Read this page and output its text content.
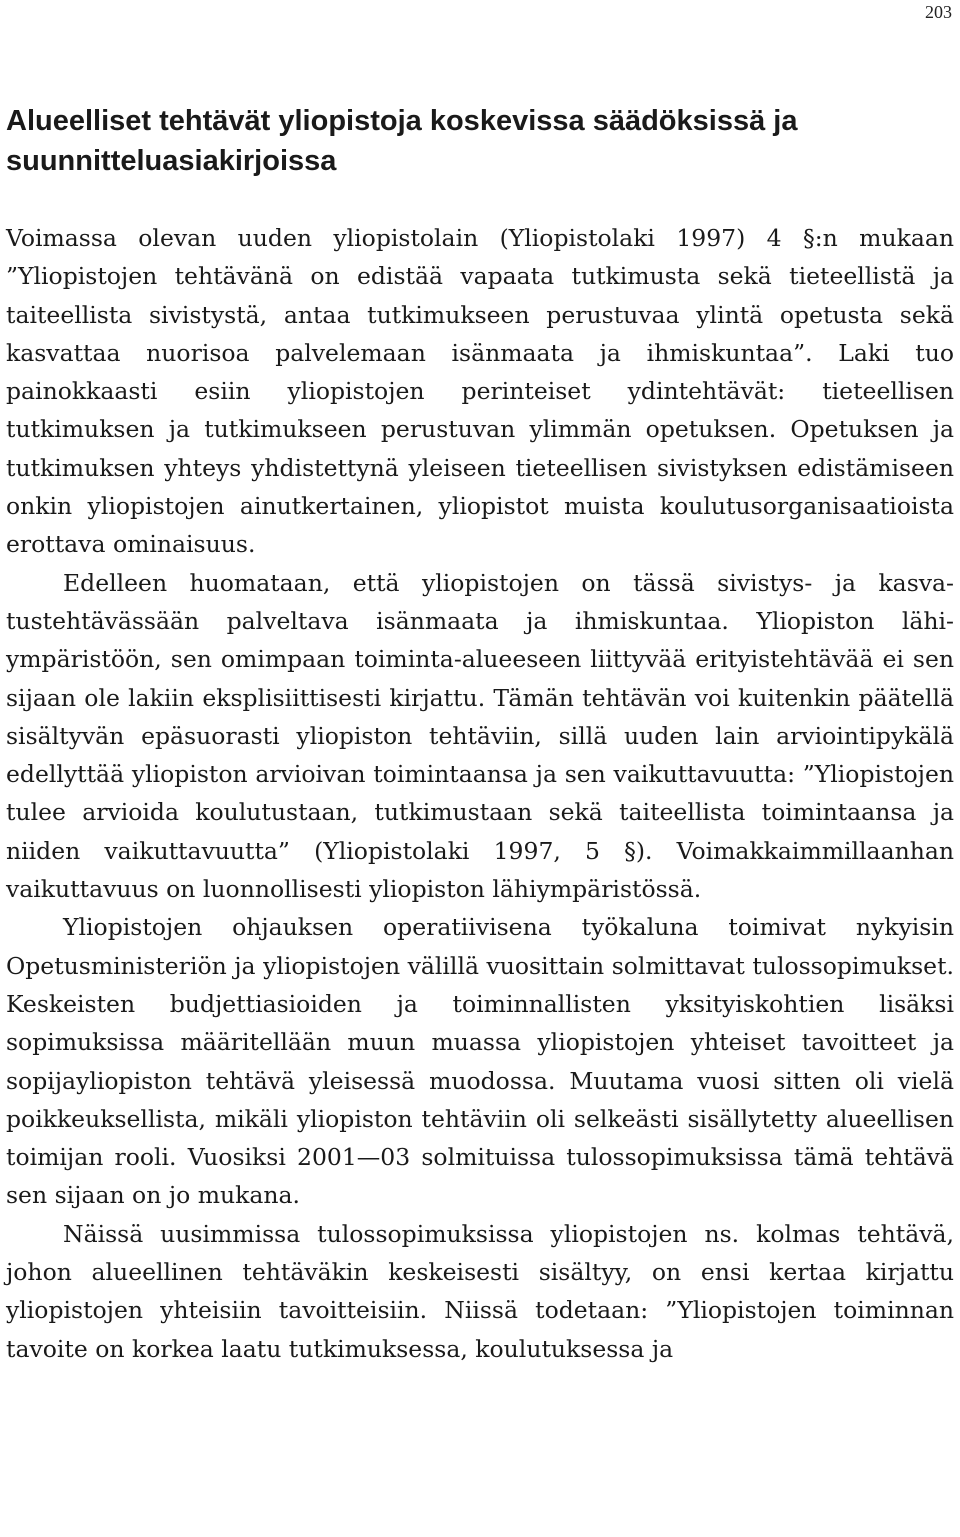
203
Alueelliset tehtävät yliopistoja koskevissa säädöksissä ja suunnitteluasiakirjoissa

Voimassa olevan uuden yliopistolain (Yliopistolaki 1997) 4 §:n mukaan ”Yliopistojen tehtävänä on edistää vapaata tutkimusta sekä tieteellistä ja taiteellista sivistystä, antaa tutkimukseen perustuvaa ylintä opetusta sekä kasvattaa nuorisoa palvelemaan isänmaata ja ihmiskuntaa”. Laki tuo painokkaasti esiin yliopistojen perinteiset ydintehtävät: tieteellisen tutkimuksen ja tutkimukseen perustuvan ylimmän opetuksen. Opetuksen ja tutkimuksen yhteys yhdistettynä yleiseen tieteellisen sivistyksen edistämiseen onkin yliopistojen ainutkertainen, yliopistot muista koulutusorganisaatioista erottava ominaisuus.

Edelleen huomataan, että yliopistojen on tässä sivistys- ja kasvatustehtävässään palveltava isänmaata ja ihmiskuntaa. Yliopiston lähiympäristöön, sen omimpaan toiminta-alueeseen liittyvää erityistehtävää ei sen sijaan ole lakiin eksplisiittisesti kirjattu. Tämän tehtävän voi kuitenkin päätellä sisältyvän epäsuorasti yliopiston tehtäviin, sillä uuden lain arviointipykälä edellyttää yliopiston arvioivan toimintaansa ja sen vaikuttavuutta: ”Yliopistojen tulee arvioida koulutustaan, tutkimustaan sekä taiteellista toimintaansa ja niiden vaikuttavuutta” (Yliopistolaki 1997, 5 §). Voimakkaimmillaanhan vaikuttavuus on luonnollisesti yliopiston lähiympäristössä.

Yliopistojen ohjauksen operatiivisena työkaluna toimivat nykyisin Opetusministeriön ja yliopistojen välillä vuosittain solmittavat tulossopimukset. Keskeisten budjettiasioiden ja toiminnallisten yksityiskohtien lisäksi sopimuksissa määritellään muun muassa yliopistojen yhteiset tavoitteet ja sopijayliopiston tehtävä yleisessä muodossa. Muutama vuosi sitten oli vielä poikkeuksellista, mikäli yliopiston tehtäviin oli selkeästi sisällytetty alueellisen toimijan rooli. Vuosiksi 2001—03 solmituissa tulossopimuksissa tämä tehtävä sen sijaan on jo mukana.

Näissä uusimmissa tulossopimuksissa yliopistojen ns. kolmas tehtävä, johon alueellinen tehtäväkin keskeisesti sisältyy, on ensi kertaa kirjattu yliopistojen yhteisiin tavoitteisiin. Niissä todetaan: ”Yliopistojen toiminnan tavoite on korkea laatu tutkimuksessa, koulutuksessa ja
